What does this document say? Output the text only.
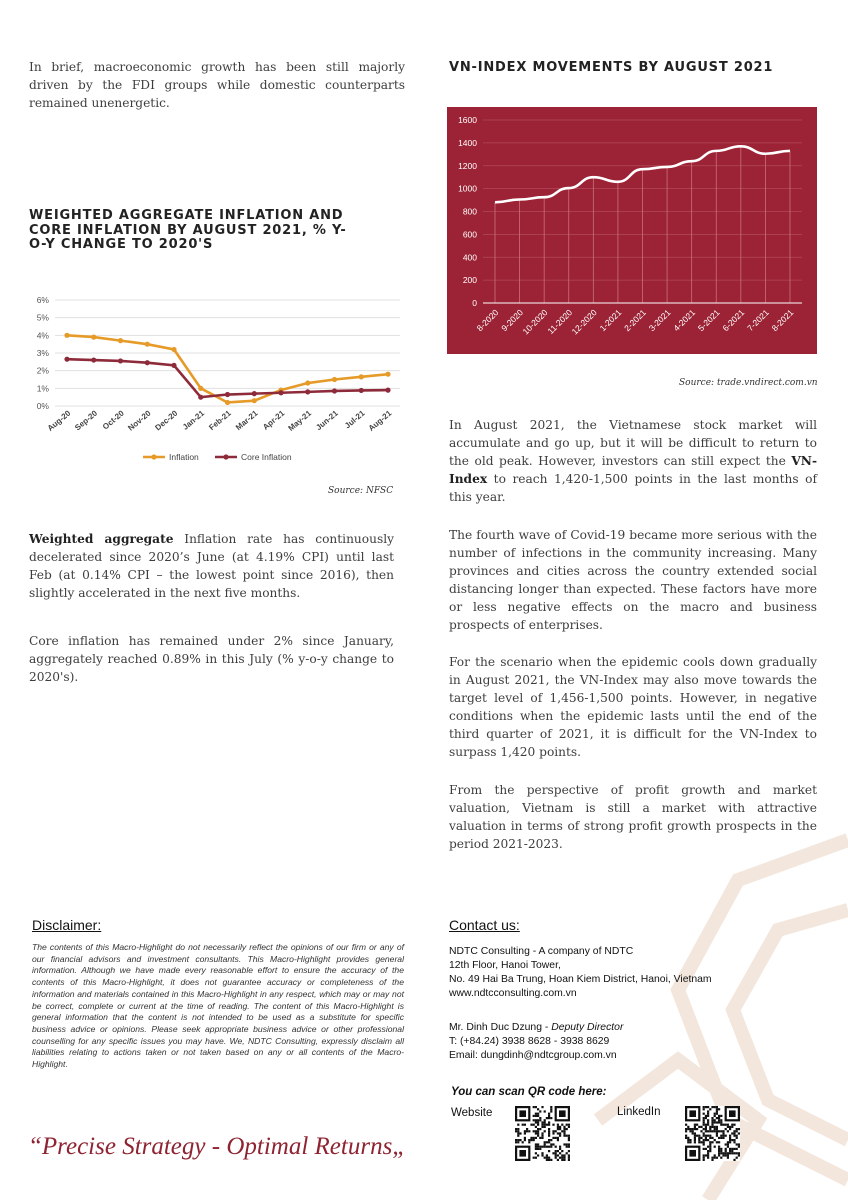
In brief, macroeconomic growth has been still majorly driven by the FDI groups while domestic counterparts remained unenergetic.

WEIGHTED AGGREGATE INFLATION AND CORE INFLATION BY AUGUST 2021, % Y-O-Y CHANGE TO 2020'S
0%
1%
2%
3%
4%
5%
6%
Aug-20 Sep-20 Oct-20 Nov-20 Dec-20 Jan-21 Feb-21 Mar-21 Apr-21 May-21 Jun-21 Jul-21 Aug-21
Inflation	Core Inflation
Source: NFSC

Weighted aggregate Inflation rate has continuously decelerated since 2020’s June (at 4.19% CPI) until last Feb (at 0.14% CPI – the lowest point since 2016), then slightly accelerated in the next five months.

Core inflation has remained under 2% since January, aggregately reached 0.89% in this July (% y-o-y change to 2020's).

VN-INDEX MOVEMENTS BY AUGUST 2021
0
200
400
600
800
1000
1200
1400
1600
8-2020
9-2020
10-2020
11-2020
12-2020
1-2021
2-2021
3-2021
4-2021
5-2021
6-2021
7-2021
8-2021
Source: trade.vndirect.com.vn

In August 2021, the Vietnamese stock market will accumulate and go up, but it will be difficult to return to the old peak. However, investors can still expect the VN-Index to reach 1,420-1,500 points in the last months of this year.

The fourth wave of Covid-19 became more serious with the number of infections in the community increasing. Many provinces and cities across the country extended social distancing longer than expected. These factors have more or less negative effects on the macro and business prospects of enterprises.

For the scenario when the epidemic cools down gradually in August 2021, the VN-Index may also move towards the target level of 1,456-1,500 points. However, in negative conditions when the epidemic lasts until the end of the third quarter of 2021, it is difficult for the VN-Index to surpass 1,420 points.

From the perspective of profit growth and market valuation, Vietnam is still a market with attractive valuation in terms of strong profit growth prospects in the period 2021-2023.

Disclaimer:
The contents of this Macro-Highlight do not necessarily reflect the opinions of our firm or any of our financial advisors and investment consultants. This Macro-Highlight provides general information. Although we have made every reasonable effort to ensure the accuracy of the contents of this Macro-Highlight, it does not guarantee accuracy or completeness of the information and materials contained in this Macro-Highlight in any respect, which may or may not be correct, complete or current at the time of reading. The content of this Macro-Highlight is general information that the content is not intended to be used as a substitute for specific business advice or opinions. Please seek appropriate business advice or other professional counselling for any specific issues you may have. We, NDTC Consulting, expressly disclaim all liabilities relating to actions taken or not taken based on any or all contents of the Macro-Highlight.
Contact us:
NDTC Consulting - A company of NDTC
12th Floor, Hanoi Tower,
No. 49 Hai Ba Trung, Hoan Kiem District, Hanoi, Vietnam
www.ndtcconsulting.com.vn
Mr. Dinh Duc Dzung - Deputy Director
T: (+84.24) 3938 8628 - 3938 8629
Email: dungdinh@ndtcgroup.com.vn
You can scan QR code here:
Website	LinkedIn
“Precise Strategy - Optimal Returns„
